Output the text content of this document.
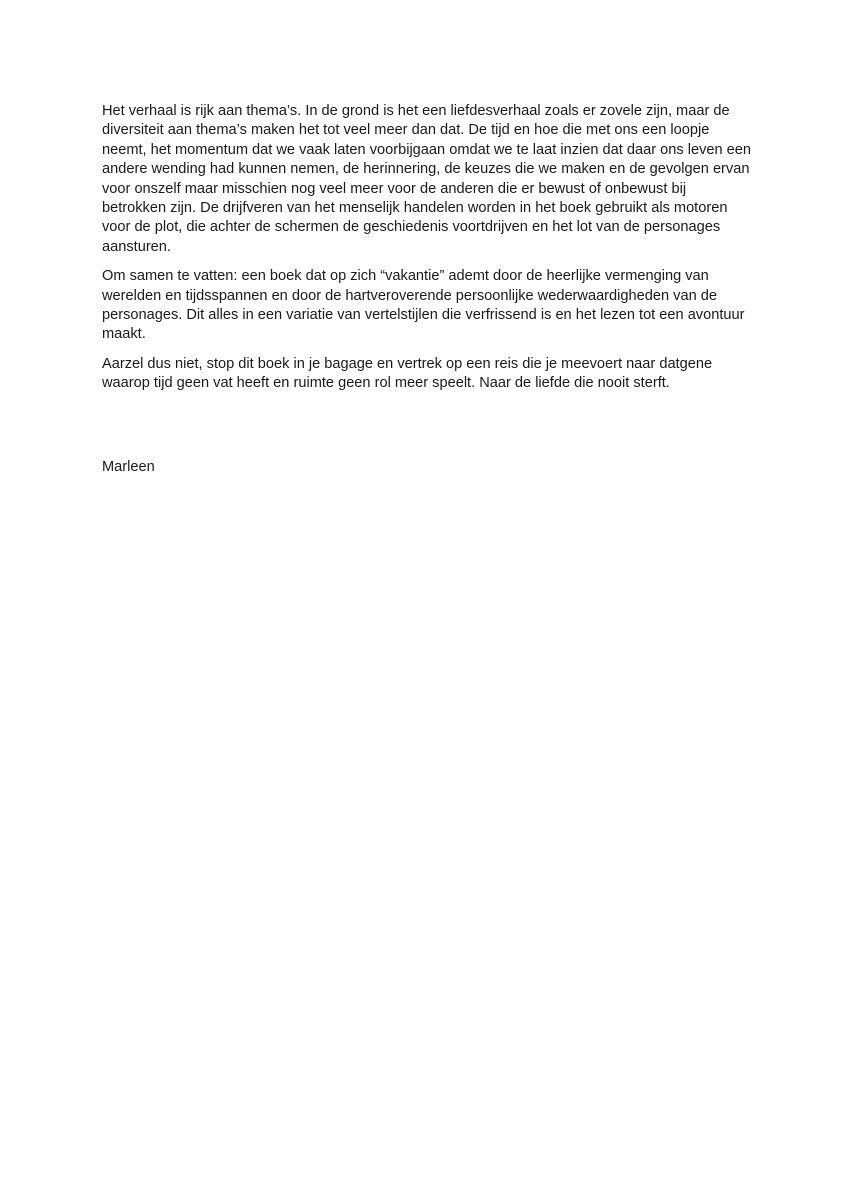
Het verhaal is rijk aan thema’s. In de grond is het een liefdesverhaal zoals er zovele zijn, maar de diversiteit aan thema’s maken het tot veel meer dan dat. De tijd en hoe die met ons een loopje neemt, het momentum dat we vaak laten voorbijgaan omdat we te laat inzien dat daar ons leven een andere wending had kunnen nemen, de herinnering, de keuzes die we maken en de gevolgen ervan voor onszelf maar misschien nog veel meer voor de anderen die er bewust of onbewust bij betrokken zijn. De drijfveren van het menselijk handelen worden in het boek gebruikt als motoren voor de plot, die achter de schermen de geschiedenis voortdrijven en het lot van de personages aansturen.

Om samen te vatten: een boek dat op zich “vakantie” ademt door de heerlijke vermenging van werelden en tijdsspannen en door de hartveroverende persoonlijke wederwaardigheden van de personages. Dit alles in een variatie van vertelstijlen die verfrissend is en het lezen tot een avontuur maakt.

Aarzel dus niet, stop dit boek in je bagage en vertrek op een reis die je meevoert naar datgene waarop tijd geen vat heeft en ruimte geen rol meer speelt. Naar de liefde die nooit sterft.

Marleen
